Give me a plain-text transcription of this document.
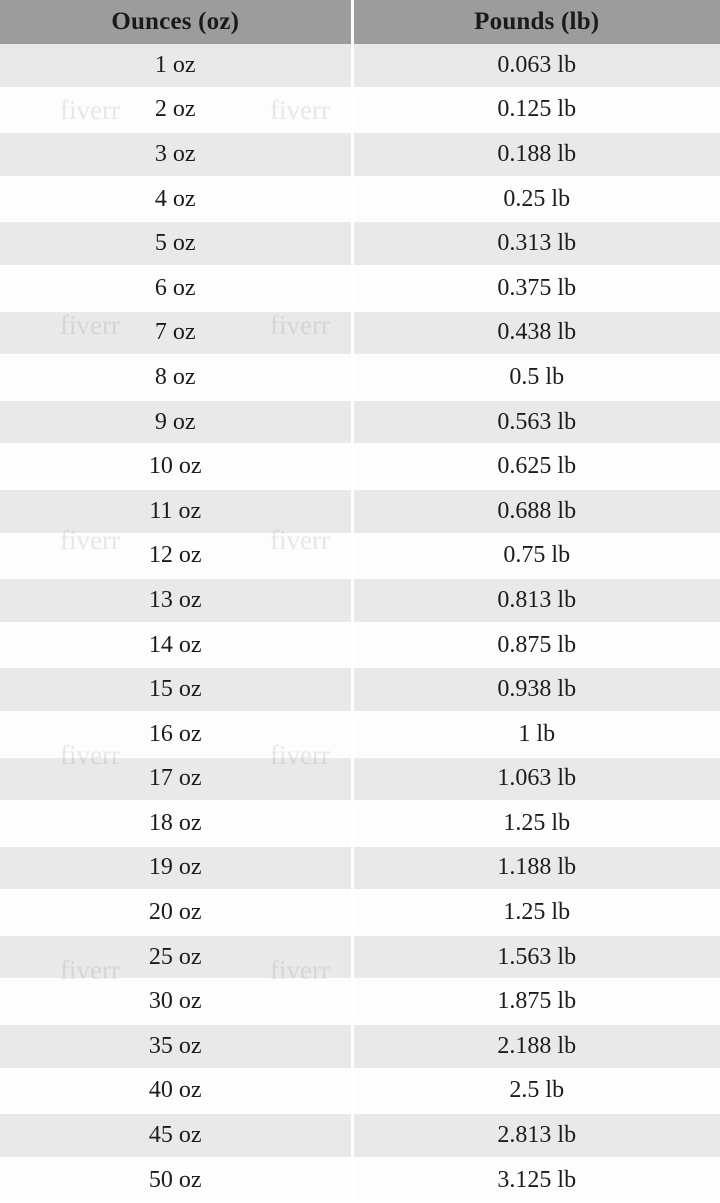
Ounces (oz)	Pounds (lb)
1 oz	0.063 lb
2 oz	0.125 lb
3 oz	0.188 lb
4 oz	0.25 lb
5 oz	0.313 lb
6 oz	0.375 lb
7 oz	0.438 lb
8 oz	0.5 lb
9 oz	0.563 lb
10 oz	0.625 lb
11 oz	0.688 lb
12 oz	0.75 lb
13 oz	0.813 lb
14 oz	0.875 lb
15 oz	0.938 lb
16 oz	1 lb
17 oz	1.063 lb
18 oz	1.25 lb
19 oz	1.188 lb
20 oz	1.25 lb
25 oz	1.563 lb
30 oz	1.875 lb
35 oz	2.188 lb
40 oz	2.5 lb
45 oz	2.813 lb
50 oz	3.125 lb
